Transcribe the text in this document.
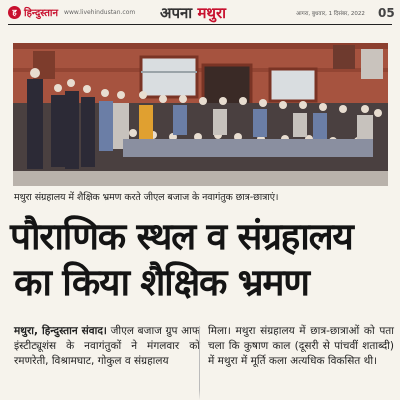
ह हिन्दुस्तान www.livehindustan.com अपना मथुरा	आगरा, बुधवार, 1 दिसंबर, 2022 05
मथुरा संग्रहालय में शैक्षिक भ्रमण करते जीएल बजाज के नवागंतुक छात्र-छात्राएं।
पौराणिक स्थल व संग्रहालय
का किया शैक्षिक भ्रमण
मथुरा, हिन्दुस्तान संवाद। जीएल बजाज ग्रुप आफ इंस्टीट्यूशंस के नवागंतुकों ने मंगलवार को रमणरेती, विश्रामघाट, गोकुल व संग्रहालय
मिला। मथुरा संग्रहालय में छात्र-छात्राओं को पता चला कि कुषाण काल (दूसरी से पांचवीं शताब्दी) में मथुरा में मूर्ति कला अत्यधिक विकसित थी।
